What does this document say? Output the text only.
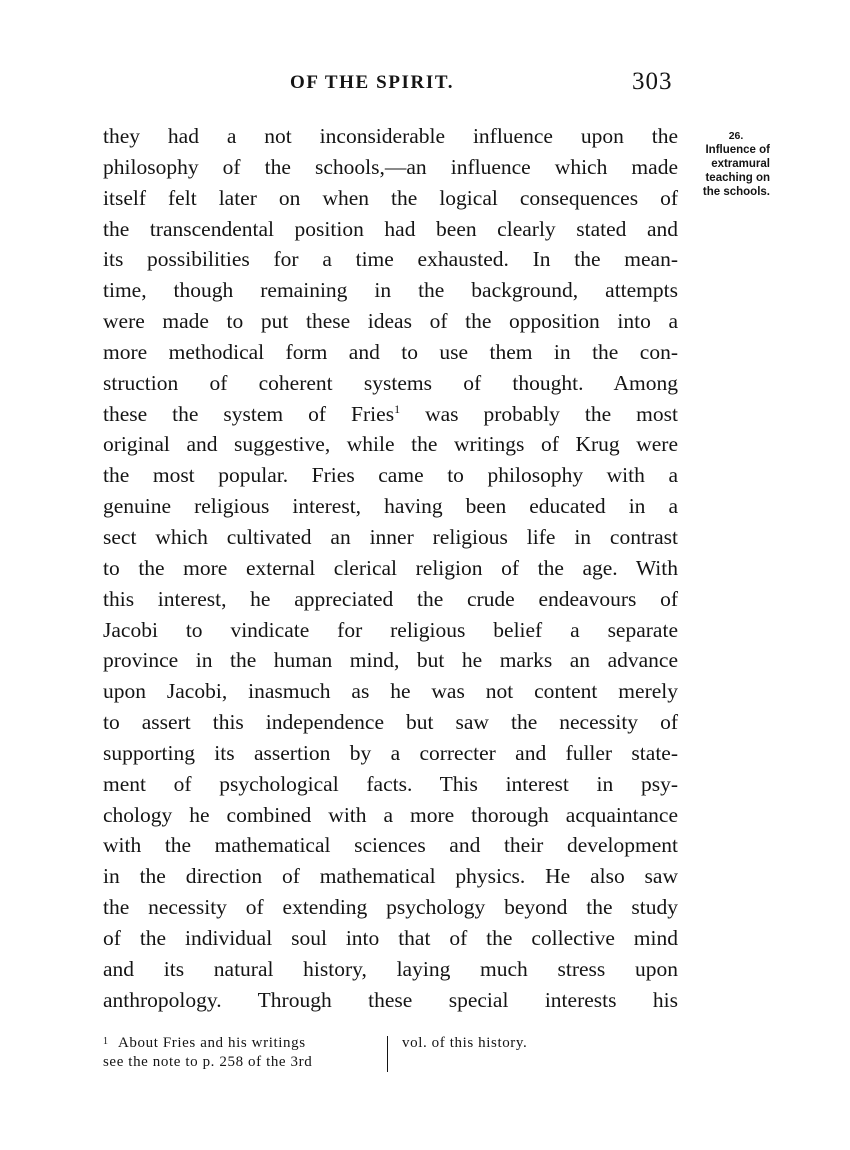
OF THE SPIRIT.	303
26.
Influence of
extramural
teaching on
the schools.
they had a not inconsiderable influence upon the
philosophy of the schools,—an influence which made
itself felt later on when the logical consequences of
the transcendental position had been clearly stated and
its possibilities for a time exhausted. In the mean-
time, though remaining in the background, attempts
were made to put these ideas of the opposition into a
more methodical form and to use them in the con-
struction of coherent systems of thought. Among
these the system of Fries$^1$ was probably the most
original and suggestive, while the writings of Krug were
the most popular. Fries came to philosophy with a
genuine religious interest, having been educated in a
sect which cultivated an inner religious life in contrast
to the more external clerical religion of the age. With
this interest, he appreciated the crude endeavours of
Jacobi to vindicate for religious belief a separate
province in the human mind, but he marks an advance
upon Jacobi, inasmuch as he was not content merely
to assert this independence but saw the necessity of
supporting its assertion by a correcter and fuller state-
ment of psychological facts. This interest in psy-
chology he combined with a more thorough acquaintance
with the mathematical sciences and their development
in the direction of mathematical physics. He also saw
the necessity of extending psychology beyond the study
of the individual soul into that of the collective mind
and its natural history, laying much stress upon
anthropology. Through these special interests his
1 About Fries and his writings
see the note to p. 258 of the 3rd
vol. of this history.
